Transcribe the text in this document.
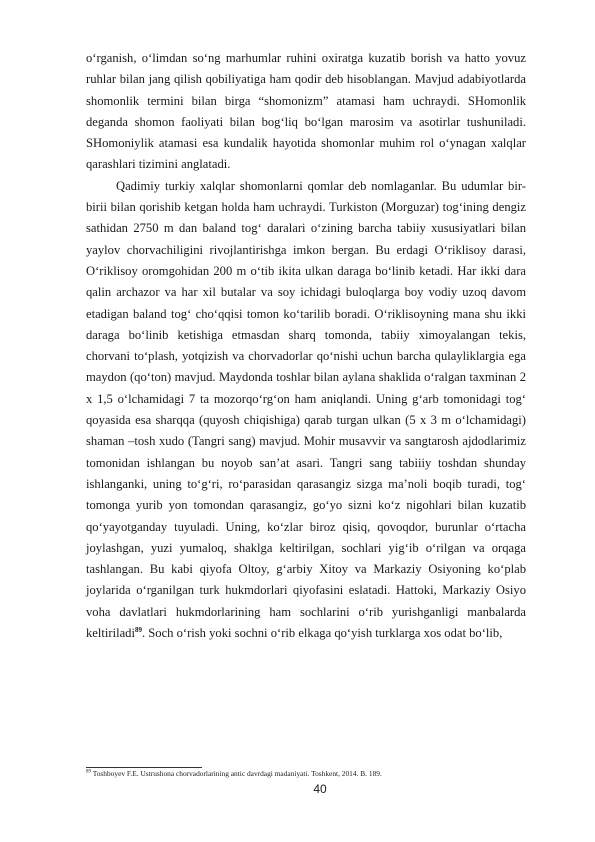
o‘rganish, o‘limdan so‘ng marhumlar ruhini oxiratga kuzatib borish va hatto yovuz ruhlar bilan jang qilish qobiliyatiga ham qodir deb hisoblangan. Mavjud adabiyotlarda shomonlik termini bilan birga “shomonizm” atamasi ham uchraydi. SHomonlik deganda shomon faoliyati bilan bog‘liq bo‘lgan marosim va asotirlar tushuniladi. SHomoniylik atamasi esa kundalik hayotida shomonlar muhim rol o‘ynagan xalqlar qarashlari tizimini anglatadi.

Qadimiy turkiy xalqlar shomonlarni qomlar deb nomlaganlar. Bu udumlar bir-birii bilan qorishib ketgan holda ham uchraydi. Turkiston (Morguzar) tog‘ining dengiz sathidan 2750 m dan baland tog‘ daralari o‘zining barcha tabiiy xususiyatlari bilan yaylov chorvachiligini rivojlantirishga imkon bergan. Bu erdagi O‘riklisoy darasi, O‘riklisoy oromgohidan 200 m o‘tib ikita ulkan daraga bo‘linib ketadi. Har ikki dara qalin archazor va har xil butalar va soy ichidagi buloqlarga boy vodiy uzoq davom etadigan baland tog‘ cho‘qqisi tomon ko‘tarilib boradi. O‘riklisoyning mana shu ikki daraga bo‘linib ketishiga etmasdan sharq tomonda, tabiiy ximoyalangan tekis, chorvani to‘plash, yotqizish va chorvadorlar qo‘nishi uchun barcha qulayliklargia ega maydon (qo‘ton) mavjud. Maydonda toshlar bilan aylana shaklida o‘ralgan taxminan 2 x 1,5 o‘lchamidagi 7 ta mozorqo‘rg‘on ham aniqlandi. Uning g‘arb tomonidagi tog‘ qoyasida esa sharqqa (quyosh chiqishiga) qarab turgan ulkan (5 x 3 m o‘lchamidagi) shaman –tosh xudo (Tangri sang) mavjud. Mohir musavvir va sangtarosh ajdodlarimiz tomonidan ishlangan bu noyob san’at asari. Tangri sang tabiiiy toshdan shunday ishlanganki, uning to‘g‘ri, ro‘parasidan qarasangiz sizga ma’noli boqib turadi, tog‘ tomonga yurib yon tomondan qarasangiz, go‘yo sizni ko‘z nigohlari bilan kuzatib qo‘yayotganday tuyuladi. Uning, ko‘zlar biroz qisiq, qovoqdor, burunlar o‘rtacha joylashgan, yuzi yumaloq, shaklga keltirilgan, sochlari yig‘ib o‘rilgan va orqaga tashlangan. Bu kabi qiyofa Oltoy, g‘arbiy Xitoy va Markaziy Osiyoning ko‘plab joylarida o‘rganilgan turk hukmdorlari qiyofasini eslatadi. Hattoki, Markaziy Osiyo voha davlatlari hukmdorlarining ham sochlarini o‘rib yurishganligi manbalarda keltiriladi$^{89}$. Soch o‘rish yoki sochni o‘rib elkaga qo‘yish turklarga xos odat bo‘lib,

$^{89}$ Toshboyev F.E. Ustrushona chorvadorlarining antic davrdagi madaniyati. Toshkent, 2014. B. 189.
40
